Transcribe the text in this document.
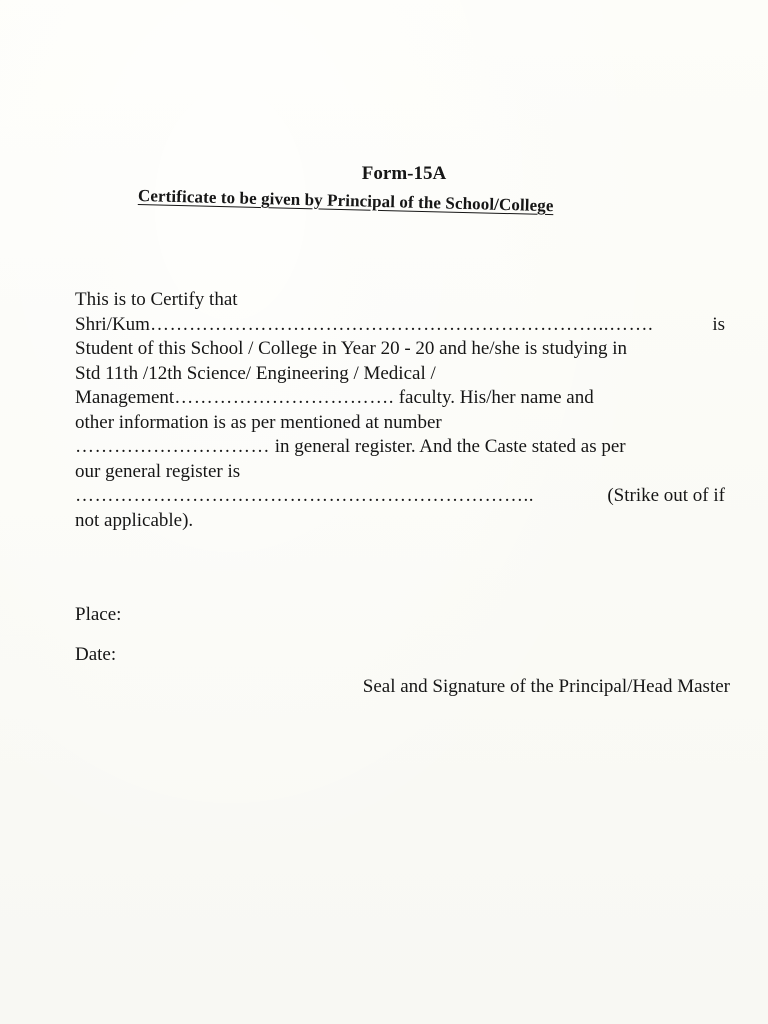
Form-15A
Certificate to be given by Principal of the School/College
This is to Certify that
Shri/Kum……………………………………………………………..…….	is
Student of this School / College in Year 20 - 20 and he/she is studying in
Std 11th /12th Science/ Engineering / Medical /
Management……………………………. faculty. His/her name and
other information is as per mentioned at number
………………………… in general register. And the Caste stated as per
our general register is
……………………………………………………………..	(Strike out of if
not applicable).
Place:
Date:
Seal and Signature of the Principal/Head Master
